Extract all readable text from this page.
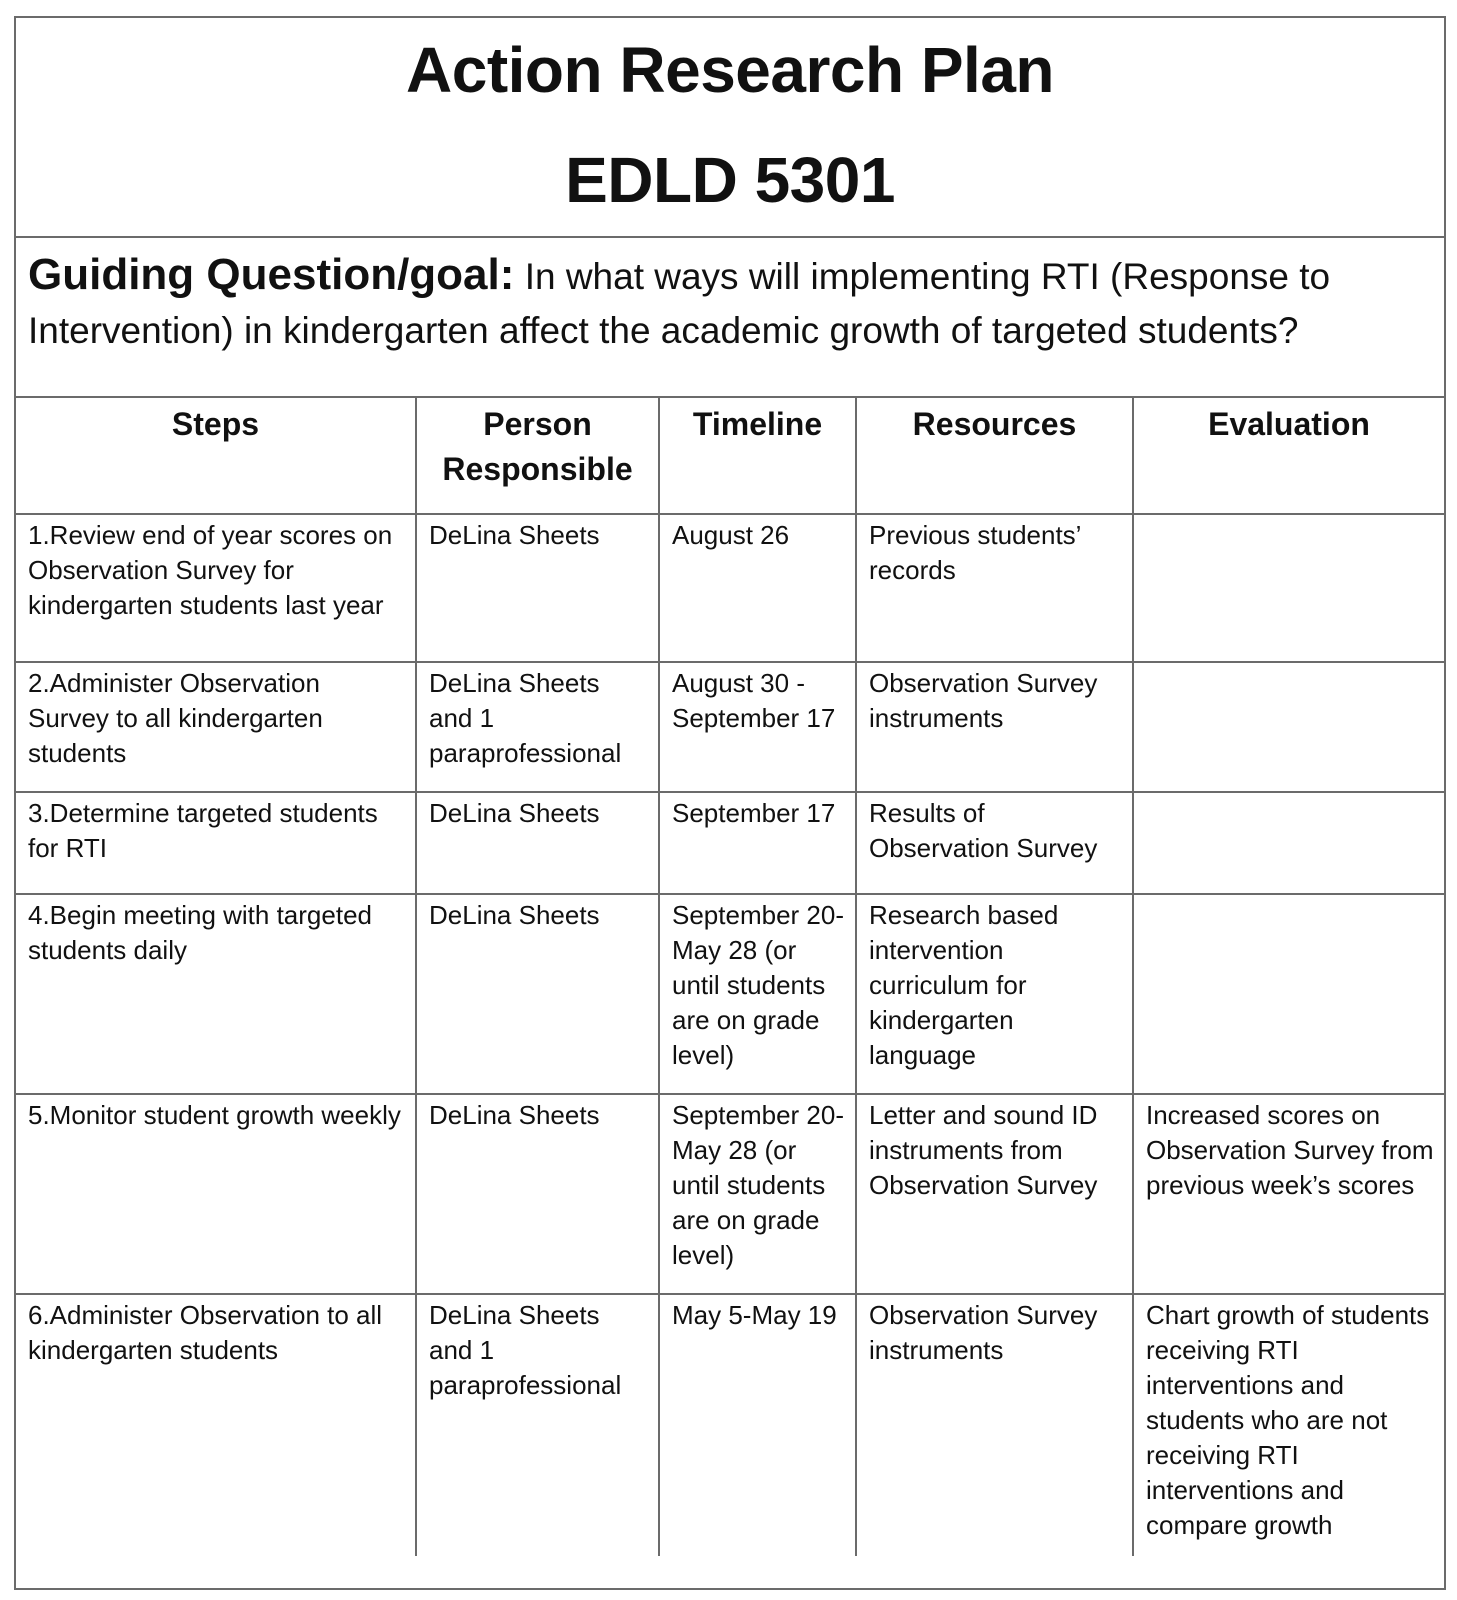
Action Research Plan
EDLD 5301
Guiding Question/goal: In what ways will implementing RTI (Response to Intervention) in kindergarten affect the academic growth of targeted students?
Steps	Person Responsible	Timeline	Resources	Evaluation
1.Review end of year scores on Observation Survey for kindergarten students last year	DeLina Sheets	August 26	Previous students’ records	
2.Administer Observation Survey to all kindergarten students	DeLina Sheets and 1 paraprofessional	August 30 - September 17	Observation Survey instruments	
3.Determine targeted students for RTI	DeLina Sheets	September 17	Results of Observation Survey	
4.Begin meeting with targeted students daily	DeLina Sheets	September 20-May 28 (or until students are on grade level)	Research based intervention curriculum for kindergarten language	
5.Monitor student growth weekly	DeLina Sheets	September 20-May 28 (or until students are on grade level)	Letter and sound ID instruments from Observation Survey	Increased scores on Observation Survey from previous week’s scores
6.Administer Observation to all kindergarten students	DeLina Sheets and 1 paraprofessional	May 5-May 19	Observation Survey instruments	Chart growth of students receiving RTI interventions and students who are not receiving RTI interventions and compare growth
